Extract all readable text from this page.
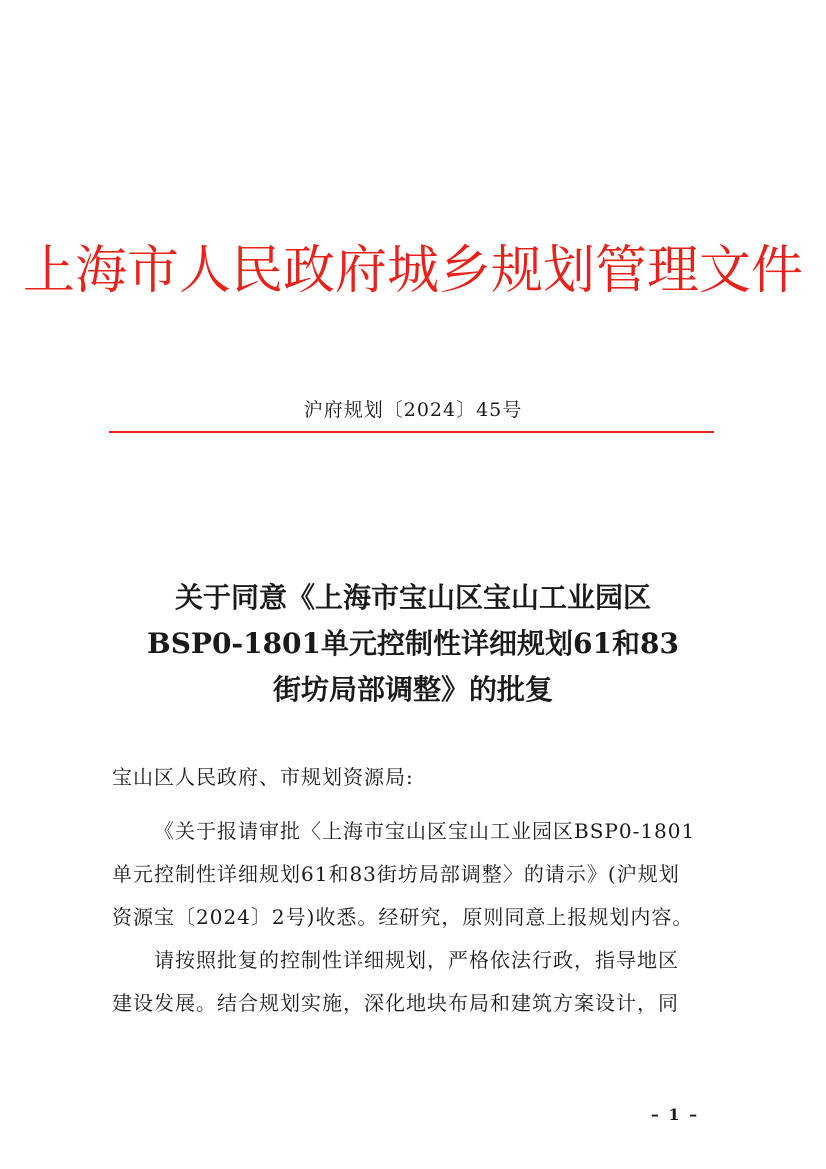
上海市人民政府城乡规划管理文件
沪府规划〔2024〕45号
关于同意《上海市宝山区宝山工业园区
BSP0-1801单元控制性详细规划61和83
街坊局部调整》的批复
宝山区人民政府、市规划资源局:
《关于报请审批〈上海市宝山区宝山工业园区BSP0-1801
单元控制性详细规划61和83街坊局部调整〉的请示》(沪规划
资源宝〔2024〕2号)收悉。经研究，原则同意上报规划内容。
请按照批复的控制性详细规划，严格依法行政，指导地区
建设发展。结合规划实施，深化地块布局和建筑方案设计，同
– 1 –
